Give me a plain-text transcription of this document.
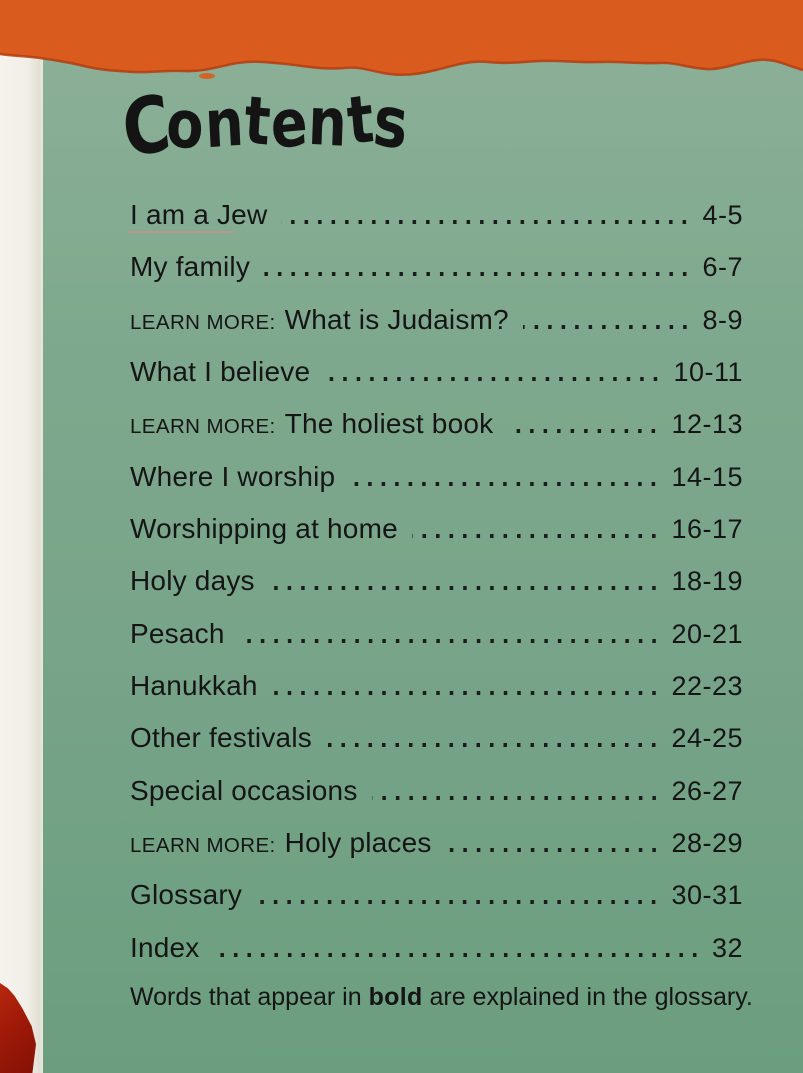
Contents
I am a Jew	4-5
My family	6-7
LEARN MORE: What is Judaism?	8-9
What I believe	10-11
LEARN MORE: The holiest book	12-13
Where I worship	14-15
Worshipping at home	16-17
Holy days	18-19
Pesach	20-21
Hanukkah	22-23
Other festivals	24-25
Special occasions	26-27
LEARN MORE: Holy places	28-29
Glossary	30-31
Index	32
Words that appear in bold are explained in the glossary.
